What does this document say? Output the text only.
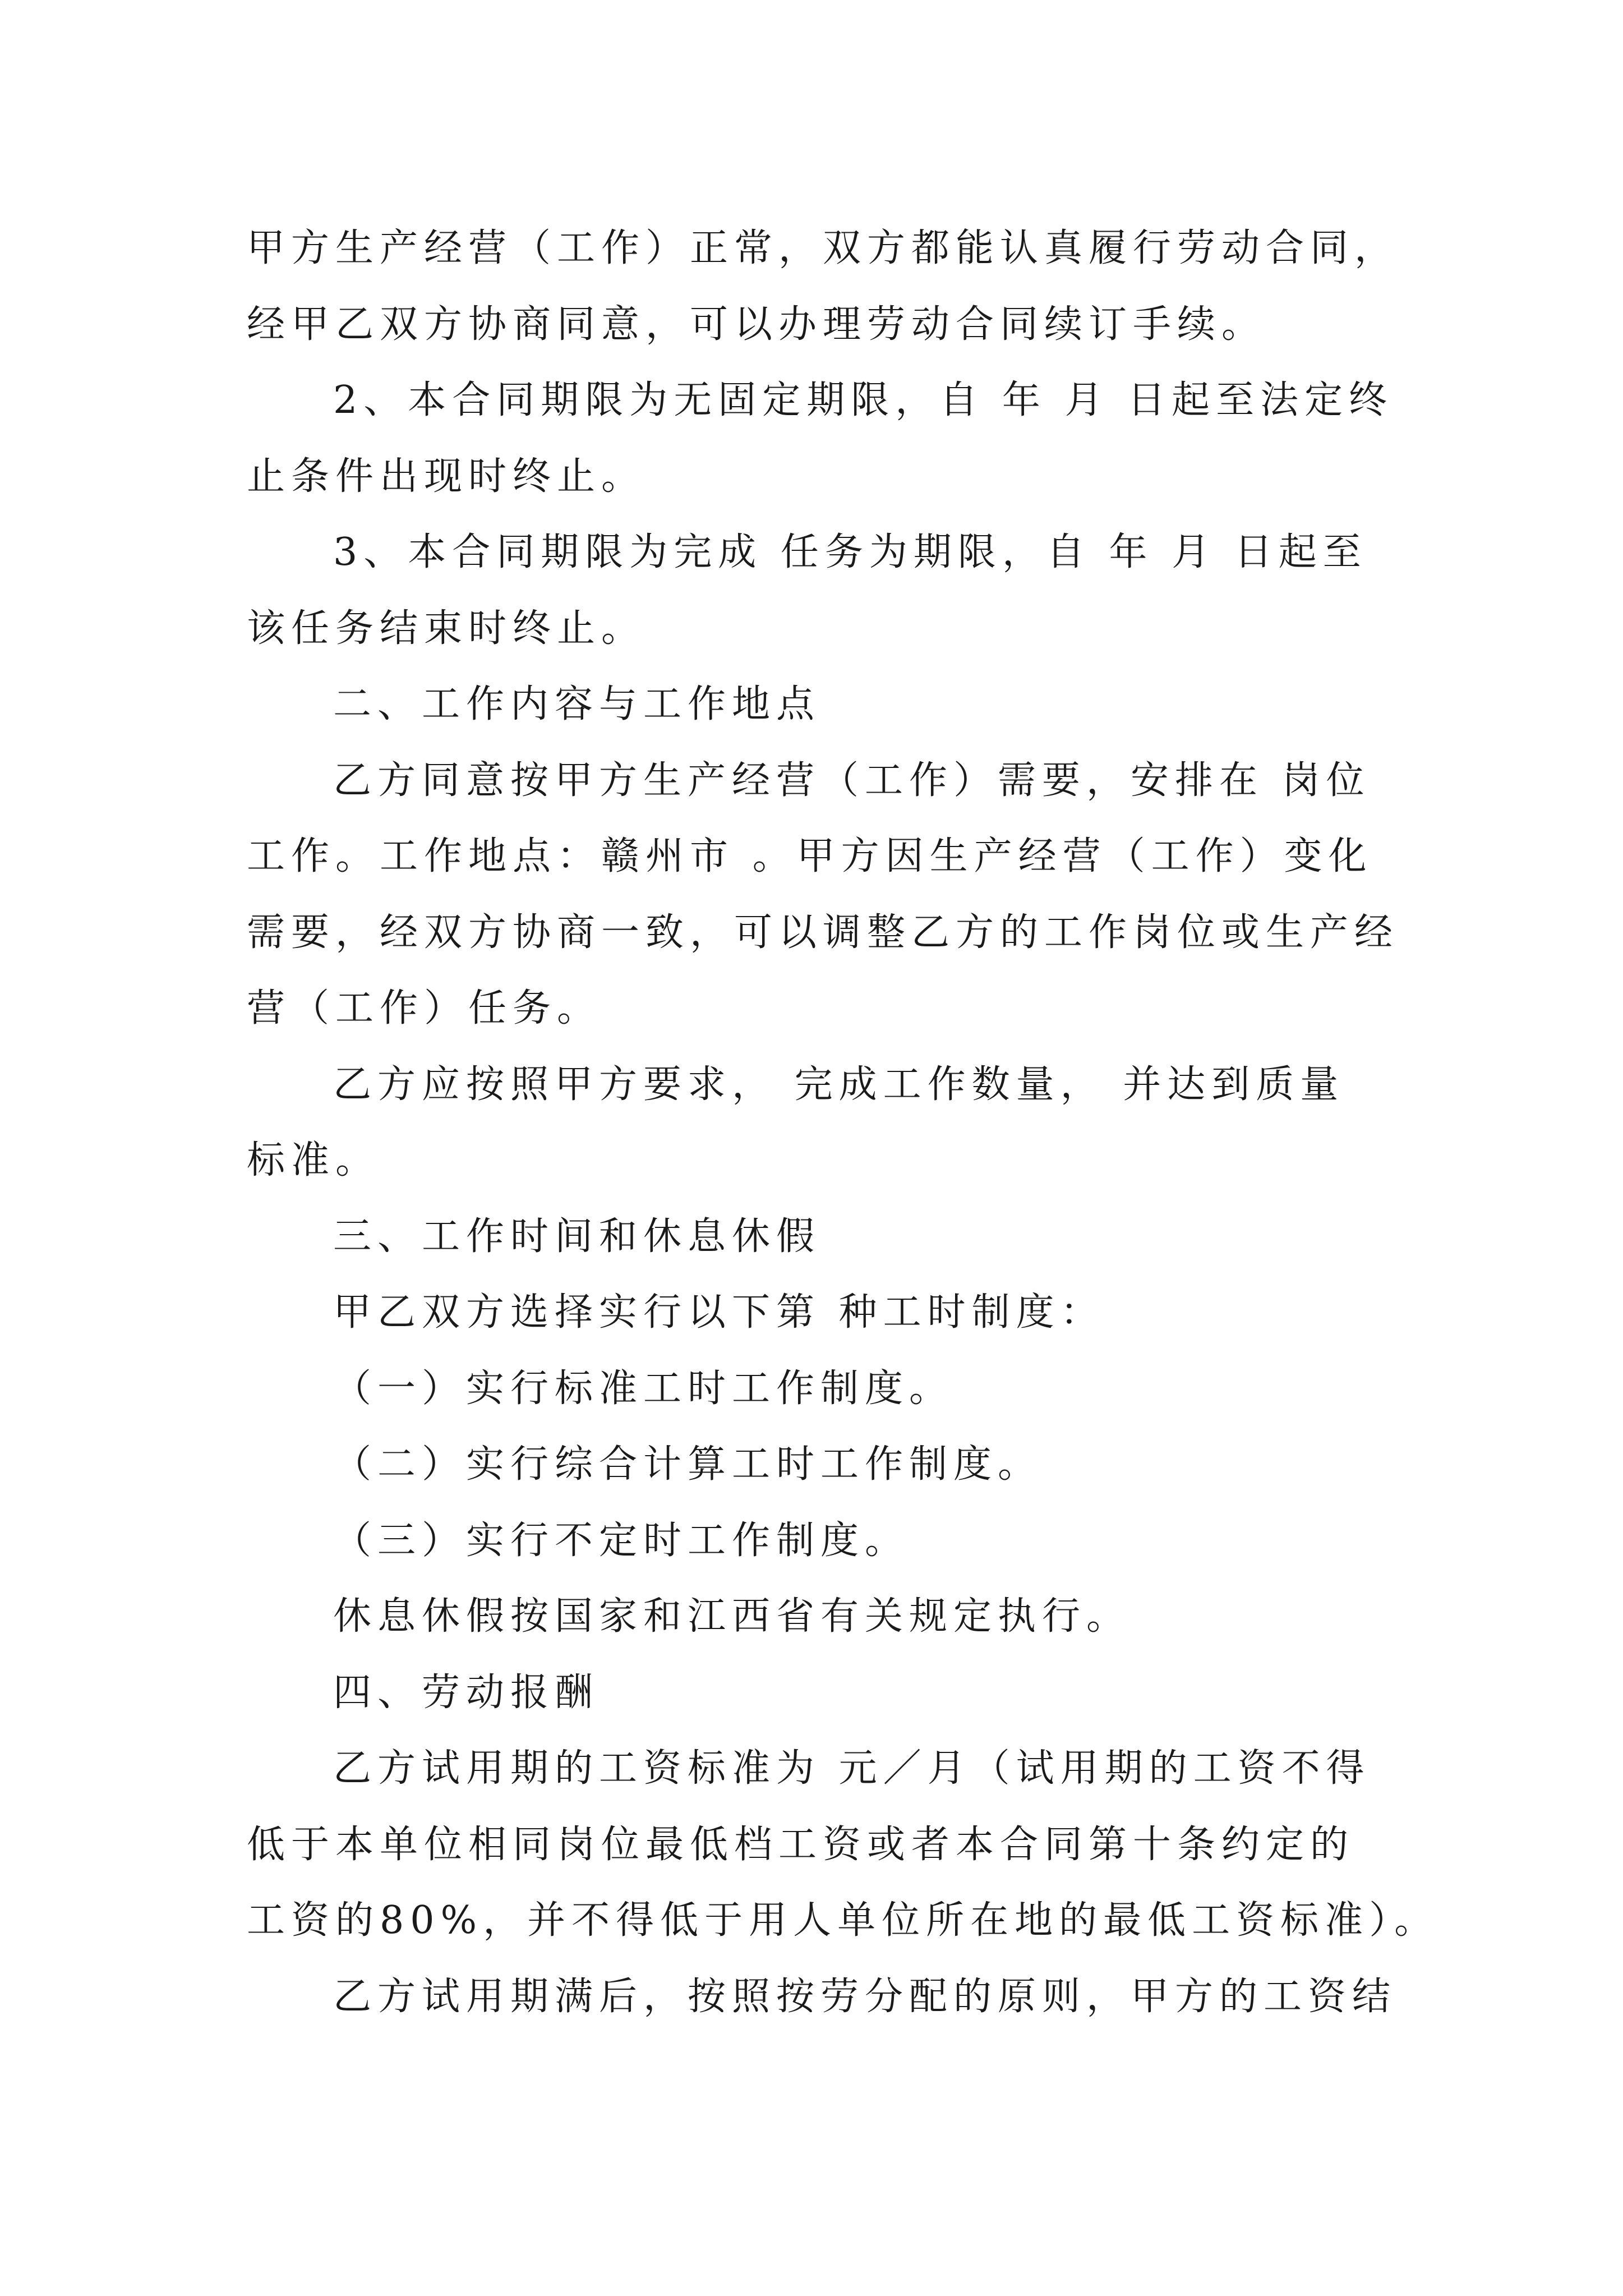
甲方生产经营（工作）正常，双方都能认真履行劳动合同，
经甲乙双方协商同意，可以办理劳动合同续订手续。
2、本合同期限为无固定期限，自 年 月 日起至法定终
止条件出现时终止。
3、本合同期限为完成 任务为期限，自 年 月 日起至
该任务结束时终止。
二、工作内容与工作地点
乙方同意按甲方生产经营（工作）需要，安排在 岗位
工作。工作地点：赣州市 。甲方因生产经营（工作）变化
需要，经双方协商一致，可以调整乙方的工作岗位或生产经
营（工作）任务。
乙方应按照甲方要求， 完成工作数量， 并达到质量
标准。
三、工作时间和休息休假
甲乙双方选择实行以下第 种工时制度：
（一）实行标准工时工作制度。
（二）实行综合计算工时工作制度。
（三）实行不定时工作制度。
休息休假按国家和江西省有关规定执行。
四、劳动报酬
乙方试用期的工资标准为 元／月（试用期的工资不得
低于本单位相同岗位最低档工资或者本合同第十条约定的
工资的80%，并不得低于用人单位所在地的最低工资标准）。
乙方试用期满后，按照按劳分配的原则，甲方的工资结
